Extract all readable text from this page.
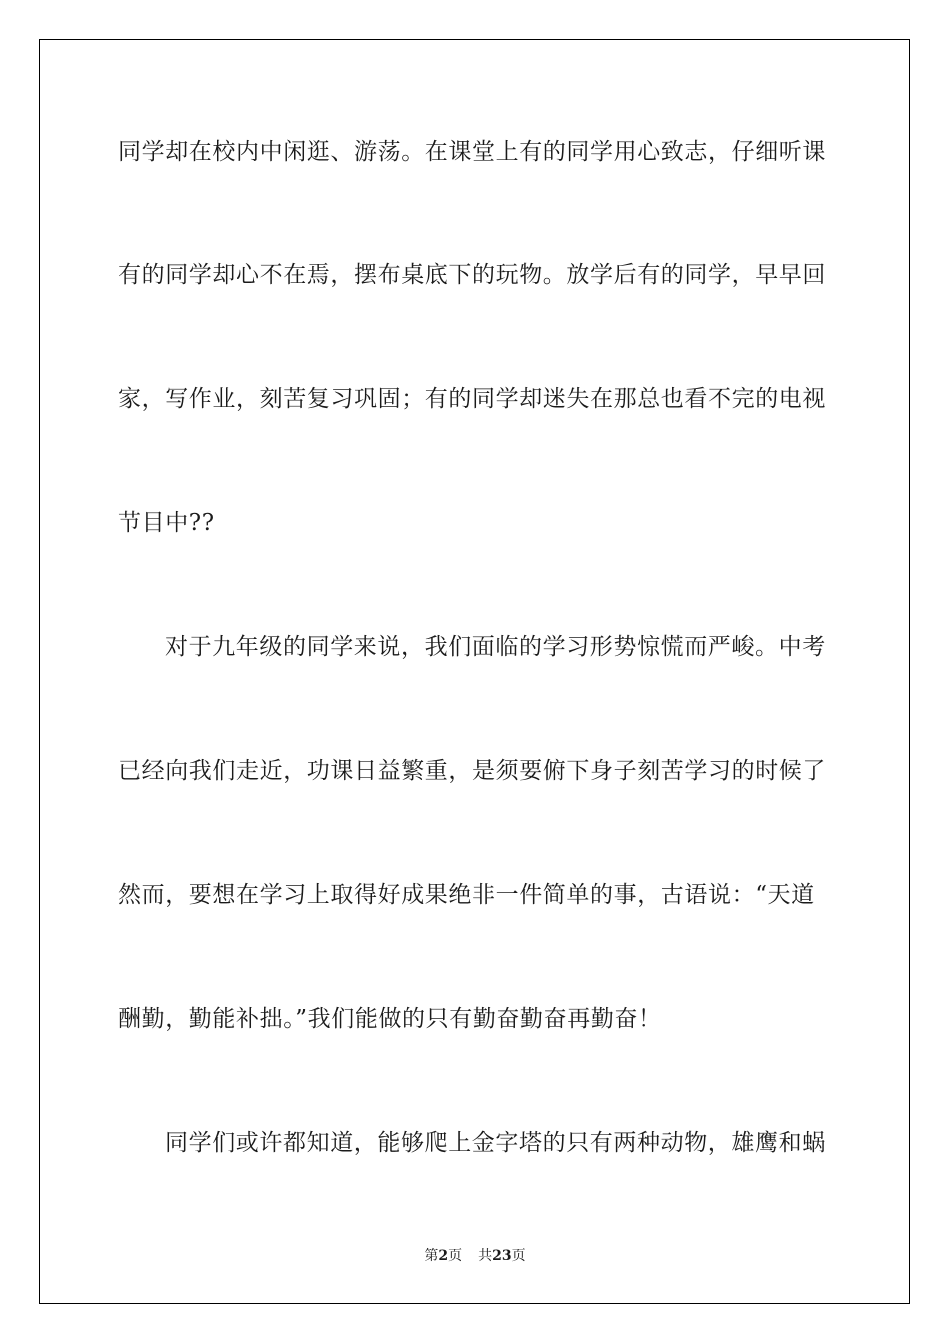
同学却在校内中闲逛、游荡。在课堂上有的同学用心致志，仔细听课
有的同学却心不在焉，摆布桌底下的玩物。放学后有的同学，早早回
家，写作业，刻苦复习巩固；有的同学却迷失在那总也看不完的电视
节目中??
对于九年级的同学来说，我们面临的学习形势惊慌而严峻。中考
已经向我们走近，功课日益繁重，是须要俯下身子刻苦学习的时候了
然而，要想在学习上取得好成果绝非一件简单的事，古语说：“天道
酬勤，勤能补拙。”我们能做的只有勤奋勤奋再勤奋！
同学们或许都知道，能够爬上金字塔的只有两种动物，雄鹰和蜗
第2页 共23页
